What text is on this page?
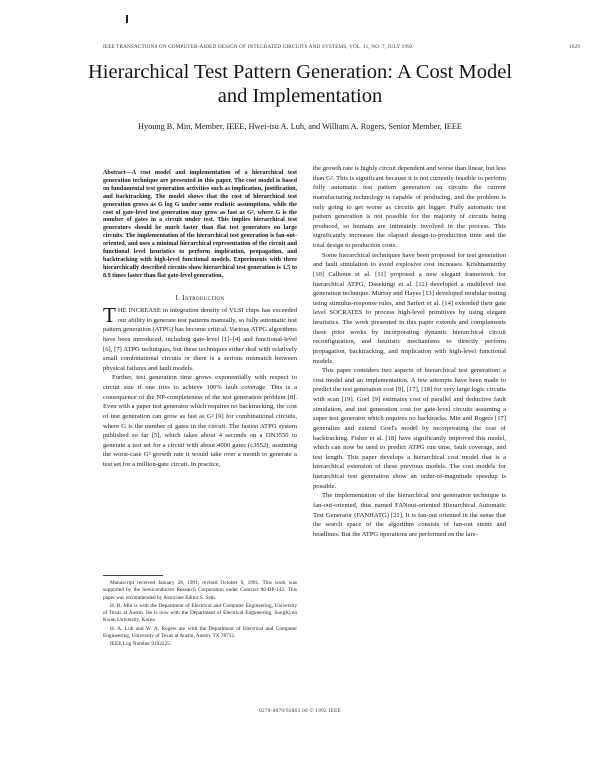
IEEE TRANSACTIONS ON COMPUTER-AIDED DESIGN OF INTEGRATED CIRCUITS AND SYSTEMS, VOL. 11, NO. 7, JULY 1992	1029
Hierarchical Test Pattern Generation: A Cost Model
and Implementation
Hyoung B. Min, Member, IEEE, Hwei-tsu A. Luh, and William A. Rogers, Senior Member, IEEE

Abstract—A cost model and implementation of a hierarchical test generation technique are presented in this paper. The cost model is based on fundamental test generation activities such as implication, justification, and backtracking. The model shows that the cost of hierarchical test generation grows as G log G under some realistic assumptions, while the cost of gate-level test generation may grow as fast as G², where G is the number of gates in a circuit under test. This implies hierarchical test generators should be much faster than flat test generators on large circuits. The implementation of the hierarchical test generation is fan-out-oriented, and uses a minimal hierarchical representation of the circuit and functional level heuristics to perform implication, propagation, and backtracking with high-level functional models. Experiments with three hierarchically described circuits show hierarchical test generation is 1.5 to 8.9 times faster than flat gate-level generation.

I. Introduction

THE INCREASE in integration density of VLSI chips has exceeded our ability to generate test patterns manually, so fully automatic test pattern generation (ATPG) has become critical. Various ATPG algorithms have been introduced, including gate-level [1]–[4] and functional-level [6], [7] ATPG techniques, but these techniques either deal with relatively small combinational circuits or there is a serious mismatch between physical failures and fault models.

Further, test generation time grows exponentially with respect to circuit size if one tries to achieve 100% fault coverage. This is a consequence of the NP-completeness of the test generation problem [8]. Even with a paper test generator which requires no backtracking, the cost of test generation can grow as fast as G² [9] for combinational circuits, where G is the number of gates in the circuit. The fastest ATPG system published so far [5], which takes about 4 seconds on a DN3550 to generate a test set for a circuit with about 4000 gates (c3552), assuming the worst-case G² growth rate it would take over a month to generate a test set for a million-gate circuit. In practice,

Manuscript received January 28, 1991; revised October 9, 1991. This work was supported by the Semiconductor Research Corporation under Contract 90-DP-142. This paper was recommended by Associate Editor S. Seth.

H. B. Min is with the Department of Electrical and Computer Engineering, University of Texas at Austin. He is now with the Department of Electrical Engineering, SungKyun Kwan University, Korea.

H. A. Luh and W. A. Rogers are with the Department of Electrical and Computer Engineering, University of Texas at Austin, Austin, TX 78712.

IEEE Log Number 9102225.

the growth rate is highly circuit dependent and worse than linear, but less than G². This is significant because it is not currently feasible to perform fully automatic test pattern generation on circuits the current manufacturing technology is capable of producing, and the problem is only going to get worse as circuits get bigger. Fully automatic test pattern generation is not possible for the majority of circuits being produced, so humans are intimately involved in the process. This significantly increases the elapsed design-to-production time and the total design to production costs.

Some hierarchical techniques have been proposed for test generation and fault simulation to avoid explosive cost increases. Krishnamurthy [10] Calhoun et al. [11] proposed a new elegant framework for hierarchical ATPG, Dasekingi et al. [12] developed a multilevel test generation technique. Murray and Hayes [13] developed modular testing using stimulus-response rules, and Sarfert et al. [14] extended their gate level SOCRATES to process high-level primitives by using elegant heuristics. The work presented in this paper extends and complements these prior works by incorporating dynamic hierarchical circuit reconfiguration, and heuristic mechanisms to directly perform propagation, backtracking, and implication with high-level functional models.

This paper considers two aspects of hierarchical test generation: a cost model and an implementation. A few attempts have been made to predict the test generation cost [9], [17], [18] for very large logic circuits with scan [19]. Goel [9] estimates cost of parallel and deductive fault simulation, and test generation cost for gate-level circuits assuming a super test generator which requires no backtracks. Min and Rogers [17] generalize and extend Goel's model by incorporating the cost of backtracking. Fisher et al. [18] have significantly improved this model, which can now be used to predict ATPG run time, fault coverage, and test length. This paper develops a hierarchical cost model that is a hierarchical extension of these previous models. The cost models for hierarchical test generation show an order-of-magnitude speedup is possible.

The implementation of the hierarchical test generation technique is fan-out-oriented, thus named FANout-oriented Hierarchical Automatic Test Generator (FANHATG) [21]. It is fan-out oriented in the sense that the search space of the algorithm consists of fan-out stems and headlines. But the ATPG operations are performed on the lare-

0278-0070/92$03.00 © 1992 IEEE
